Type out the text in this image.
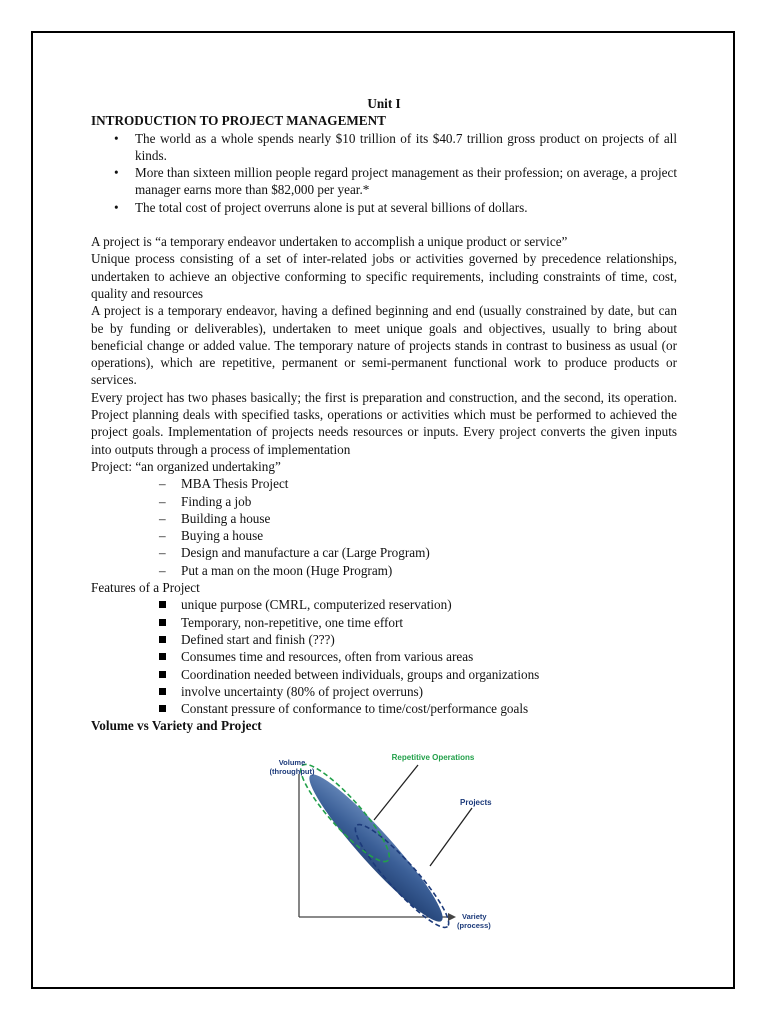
Unit I
INTRODUCTION TO PROJECT MANAGEMENT
• The world as a whole spends nearly $10 trillion of its $40.7 trillion gross product on projects of all kinds.
• More than sixteen million people regard project management as their profession; on average, a project manager earns more than $82,000 per year.*
• The total cost of project overruns alone is put at several billions of dollars.

A project is “a temporary endeavor undertaken to accomplish a unique product or service”

Unique process consisting of a set of inter-related jobs or activities governed by precedence relationships, undertaken to achieve an objective conforming to specific requirements, including constraints of time, cost, quality and resources

A project is a temporary endeavor, having a defined beginning and end (usually constrained by date, but can be by funding or deliverables), undertaken to meet unique goals and objectives, usually to bring about beneficial change or added value. The temporary nature of projects stands in contrast to business as usual (or operations), which are repetitive, permanent or semi-permanent functional work to produce products or services.

Every project has two phases basically; the first is preparation and construction, and the second, its operation. Project planning deals with specified tasks, operations or activities which must be performed to achieved the project goals. Implementation of projects needs resources or inputs. Every project converts the given inputs into outputs through a process of implementation

Project: “an organized undertaking”
– MBA Thesis Project
– Finding a job
– Building a house
– Buying a house
– Design and manufacture a car (Large Program)
– Put a man on the moon (Huge Program)
Features of a Project
unique purpose (CMRL, computerized reservation)
Temporary, non-repetitive, one time effort
Defined start and finish (???)
Consumes time and resources, often from various areas
Coordination needed between individuals, groups and organizations
involve uncertainty (80% of project overruns)
Constant pressure of conformance to time/cost/performance goals
Volume vs Variety and Project
Volume
(throughput)
Repetitive Operations
Projects
Variety
(process)
